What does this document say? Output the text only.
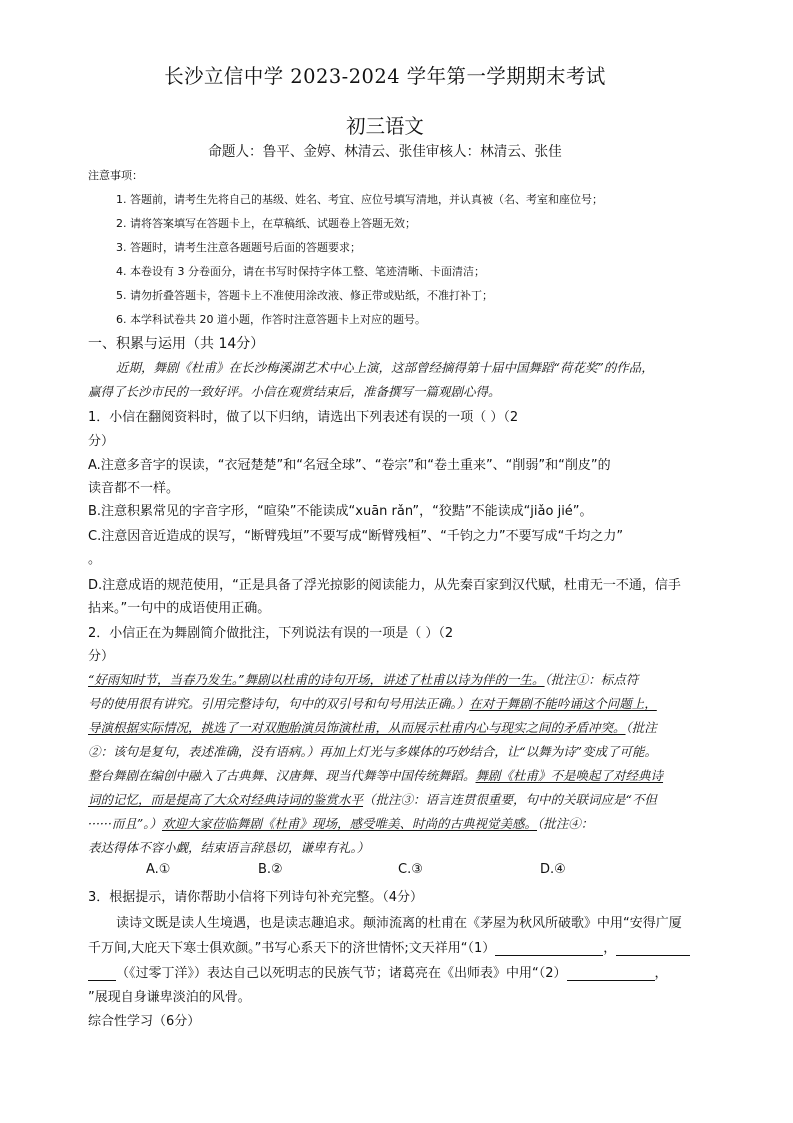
长沙立信中学 2023-2024 学年第一学期期末考试
初三语文
命题人：鲁平、金婷、林清云、张佳审核人：林清云、张佳
注意事项：
1. 答题前，请考生先将自己的基级、姓名、考宜、应位号填写清地，并认真被（名、考室和座位号；
2. 请将答案填写在答题卡上，在草稿纸、试题卷上答题无效；
3. 答题时，请考生注意各题题号后面的答题要求；
4. 本卷设有 3 分卷面分，请在书写时保持字体工整、笔迹清晰、卡面清洁；
5. 请勿折叠答题卡，答题卡上不准使用涂改液、修正带或贴纸，不准打补丁；
6. 本学科试卷共 20 道小题，作答时注意答题卡上对应的题号。
一、积累与运用（共 14分）
近期，舞剧《杜甫》在长沙梅溪湖艺术中心上演，这部曾经摘得第十届中国舞蹈“荷花奖”的作品，
赢得了长沙市民的一致好评。小信在观赏结束后，准备撰写一篇观剧心得。
1．小信在翻阅资料时，做了以下归纳，请选出下列表述有误的一项（ ）（2
分）
A.注意多音字的误读，“衣冠楚楚”和“名冠全球”、“卷宗”和“卷土重来”、“削弱”和“削皮”的
读音都不一样。
B.注意积累常见的字音字形，“暄染”不能读成“xuān rǎn”，“狡黠”不能读成“jiǎo jié”。
C.注意因音近造成的误写，“断臂残垣”不要写成“断臂残桓”、“千钧之力”不要写成“千均之力”
。
D.注意成语的规范使用，“正是具备了浮光掠影的阅读能力，从先秦百家到汉代赋，杜甫无一不通，信手
拈来。”一句中的成语使用正确。
2．小信正在为舞剧简介做批注，下列说法有误的一项是（ ）（2
分）
“好雨知时节，当春乃发生。”舞剧以杜甫的诗句开场，讲述了杜甫以诗为伴的一生。（批注①：标点符
号的使用很有讲究。引用完整诗句，句中的双引号和句号用法正确。）在对于舞剧不能吟诵这个问题上，
导演根据实际情况，挑选了一对双胞胎演员饰演杜甫，从而展示杜甫内心与现实之间的矛盾冲突。（批注
②：该句是复句，表述准确，没有语病。）再加上灯光与多媒体的巧妙结合，让“以舞为诗”变成了可能。
整台舞剧在编创中融入了古典舞、汉唐舞、现当代舞等中国传统舞蹈。舞剧《杜甫》不是唤起了对经典诗
词的记忆，而是提高了大众对经典诗词的鉴赏水平（批注③：语言连贯很重要，句中的关联词应是“不但
······而且”。）欢迎大家莅临舞剧《杜甫》现场，感受唯美、时尚的古典视觉美感。（批注④：
表达得体不容小觑，结束语言辞恳切，谦卑有礼。）
A.①	B.②	C.③	D.④
3．根据提示，请你帮助小信将下列诗句补充完整。（4分）
读诗文既是读人生境遇，也是读志趣追求。颠沛流离的杜甫在《茅屋为秋风所破歌》中用“安得广厦
千万间,大庇天下寒士俱欢颜。”书写心系天下的济世情怀;文天祥用“（1）	，
（《过零丁洋》）表达自己以死明志的民族气节；诸葛亮在《出师表》中用“（2）	，
”展现自身谦卑淡泊的风骨。
综合性学习（6分）
